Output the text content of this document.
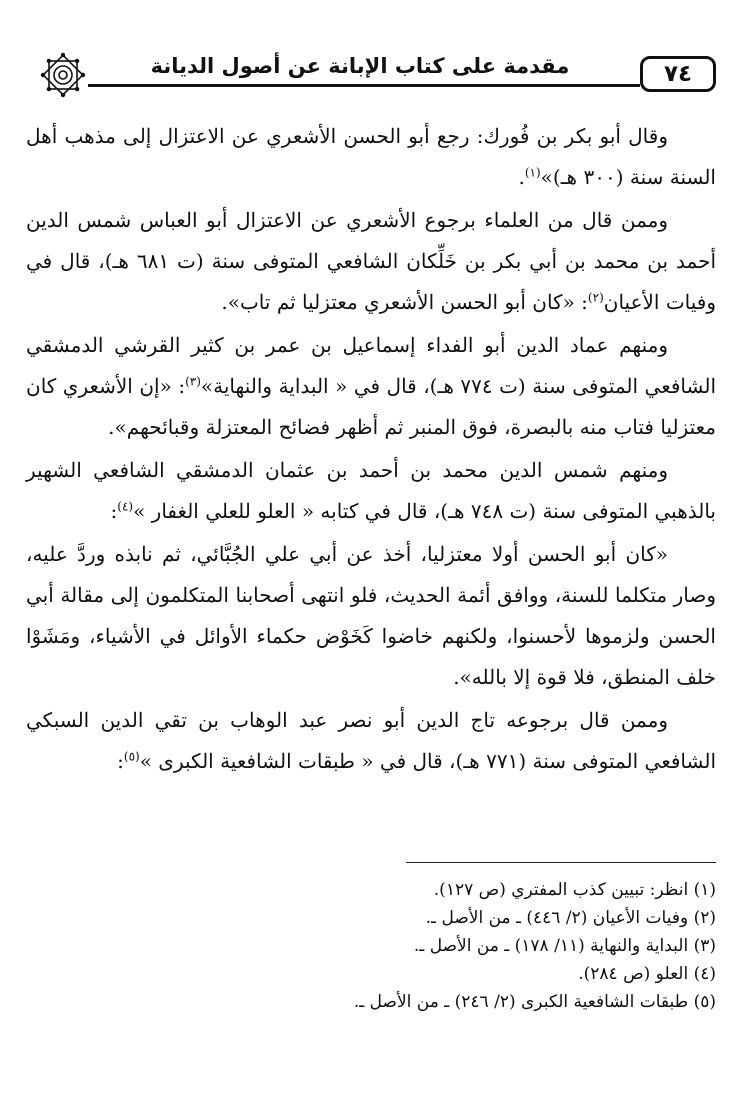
٧٤
مقدمة على كتاب الإبانة عن أصول الديانة

وقال أبو بكر بن فُورك: رجع أبو الحسن الأشعري عن الاعتزال إلى مذهب أهل السنة سنة (٣٠٠ هـ)»$^{(١)}$.

وممن قال من العلماء برجوع الأشعري عن الاعتزال أبو العباس شمس الدين أحمد بن محمد بن أبي بكر بن خَلِّكان الشافعي المتوفى سنة (ت ٦٨١ هـ)، قال في وفيات الأعيان$^{(٢)}$: «كان أبو الحسن الأشعري معتزليا ثم تاب».

ومنهم عماد الدين أبو الفداء إسماعيل بن عمر بن كثير القرشي الدمشقي الشافعي المتوفى سنة (ت ٧٧٤ هـ)، قال في « البداية والنهاية»$^{(٣)}$: «إن الأشعري كان معتزليا فتاب منه بالبصرة، فوق المنبر ثم أظهر فضائح المعتزلة وقبائحهم».

ومنهم شمس الدين محمد بن أحمد بن عثمان الدمشقي الشافعي الشهير بالذهبي المتوفى سنة (ت ٧٤٨ هـ)، قال في كتابه « العلو للعلي الغفار »$^{(٤)}$:

«كان أبو الحسن أولا معتزليا، أخذ عن أبي علي الجُبَّائي، ثم نابذه وردَّ عليه، وصار متكلما للسنة، ووافق أئمة الحديث، فلو انتهى أصحابنا المتكلمون إلى مقالة أبي الحسن ولزموها لأحسنوا، ولكنهم خاضوا كَخَوْض حكماء الأوائل في الأشياء، ومَشَوْا خلف المنطق، فلا قوة إلا بالله».

وممن قال برجوعه تاج الدين أبو نصر عبد الوهاب بن تقي الدين السبكي الشافعي المتوفى سنة (٧٧١ هـ)، قال في « طبقات الشافعية الكبرى »$^{(٥)}$:

(١) انظر: تبيين كذب المفتري (ص ١٢٧).
(٢) وفيات الأعيان (٢/ ٤٤٦) ـ من الأصل ـ.
(٣) البداية والنهاية (١١/ ١٧٨) ـ من الأصل ـ.
(٤) العلو (ص ٢٨٤).
(٥) طبقات الشافعية الكبرى (٢/ ٢٤٦) ـ من الأصل ـ.
